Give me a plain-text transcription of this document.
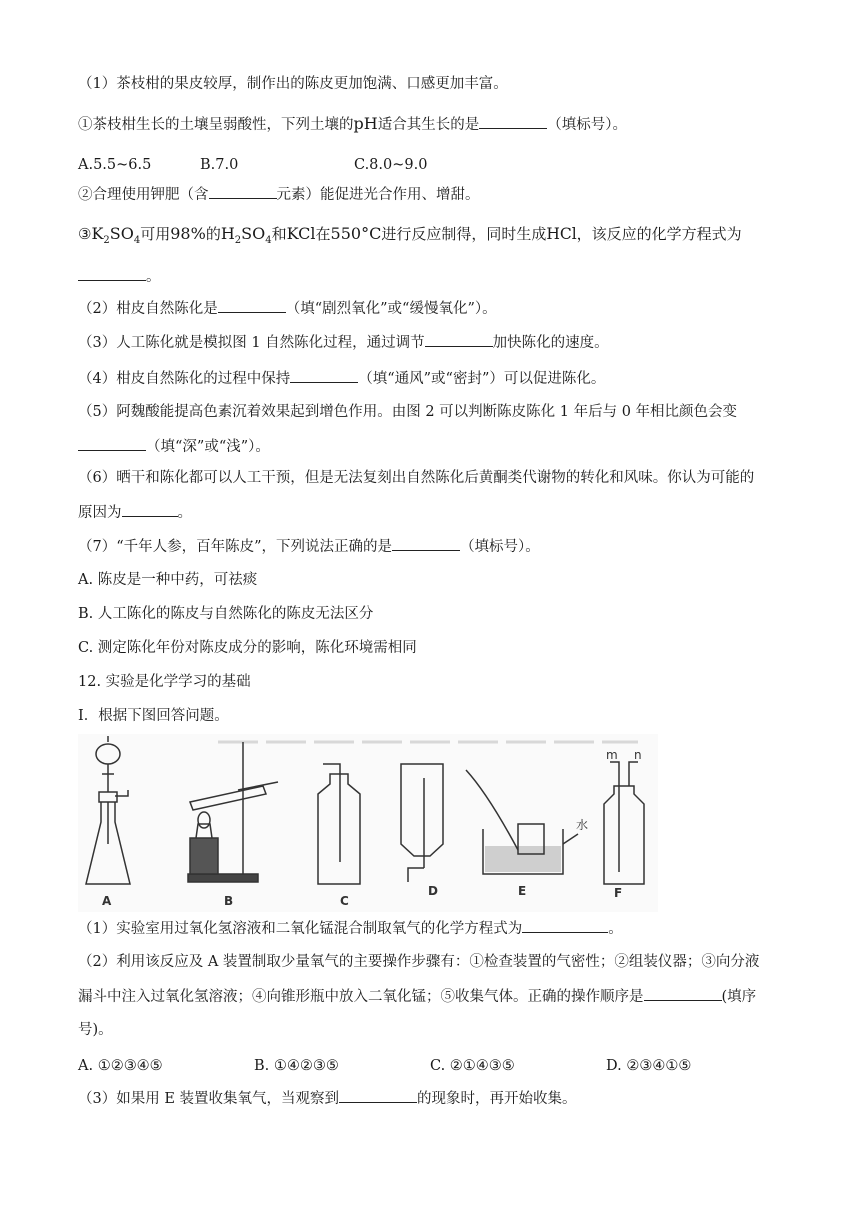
（1）茶枝柑的果皮较厚，制作出的陈皮更加饱满、口感更加丰富。
①茶枝柑生长的土壤呈弱酸性，下列土壤的pH适合其生长的是	（填标号）。
A.5.5~6.5	B.7.0	C.8.0~9.0
②合理使用钾肥（含	元素）能促进光合作用、增甜。
$③K_2SO_4$可用98%的$H_2SO_4$和KCl在550°C进行反应制得，同时生成HCl，该反应的化学方程式为
。
（2）柑皮自然陈化是	（填“剧烈氧化”或“缓慢氧化”）。
（3）人工陈化就是模拟图 1 自然陈化过程，通过调节	加快陈化的速度。
（4）柑皮自然陈化的过程中保持	（填“通风”或“密封”）可以促进陈化。
（5）阿魏酸能提高色素沉着效果起到增色作用。由图 2 可以判断陈皮陈化 1 年后与 0 年相比颜色会变
（填“深”或“浅”）。
（6）晒干和陈化都可以人工干预，但是无法复刻出自然陈化后黄酮类代谢物的转化和风味。你认为可能的
原因为	。
（7）“千年人参，百年陈皮”，下列说法正确的是	（填标号）。
A. 陈皮是一种中药，可祛痰
B. 人工陈化的陈皮与自然陈化的陈皮无法区分
C. 测定陈化年份对陈皮成分的影响，陈化环境需相同
12. 实验是化学学习的基础
Ⅰ．根据下图回答问题。
A	B	C
D	E	F
水
m n
（1）实验室用过氧化氢溶液和二氧化锰混合制取氧气的化学方程式为	。
（2）利用该反应及 A 装置制取少量氧气的主要操作步骤有：①检查装置的气密性；②组装仪器；③向分液
漏斗中注入过氧化氢溶液；④向锥形瓶中放入二氧化锰；⑤收集气体。正确的操作顺序是	(填序
号)。
A. ①②③④⑤	B. ①④②③⑤	C. ②①④③⑤	D. ②③④①⑤
（3）如果用 E 装置收集氧气，当观察到	的现象时，再开始收集。
